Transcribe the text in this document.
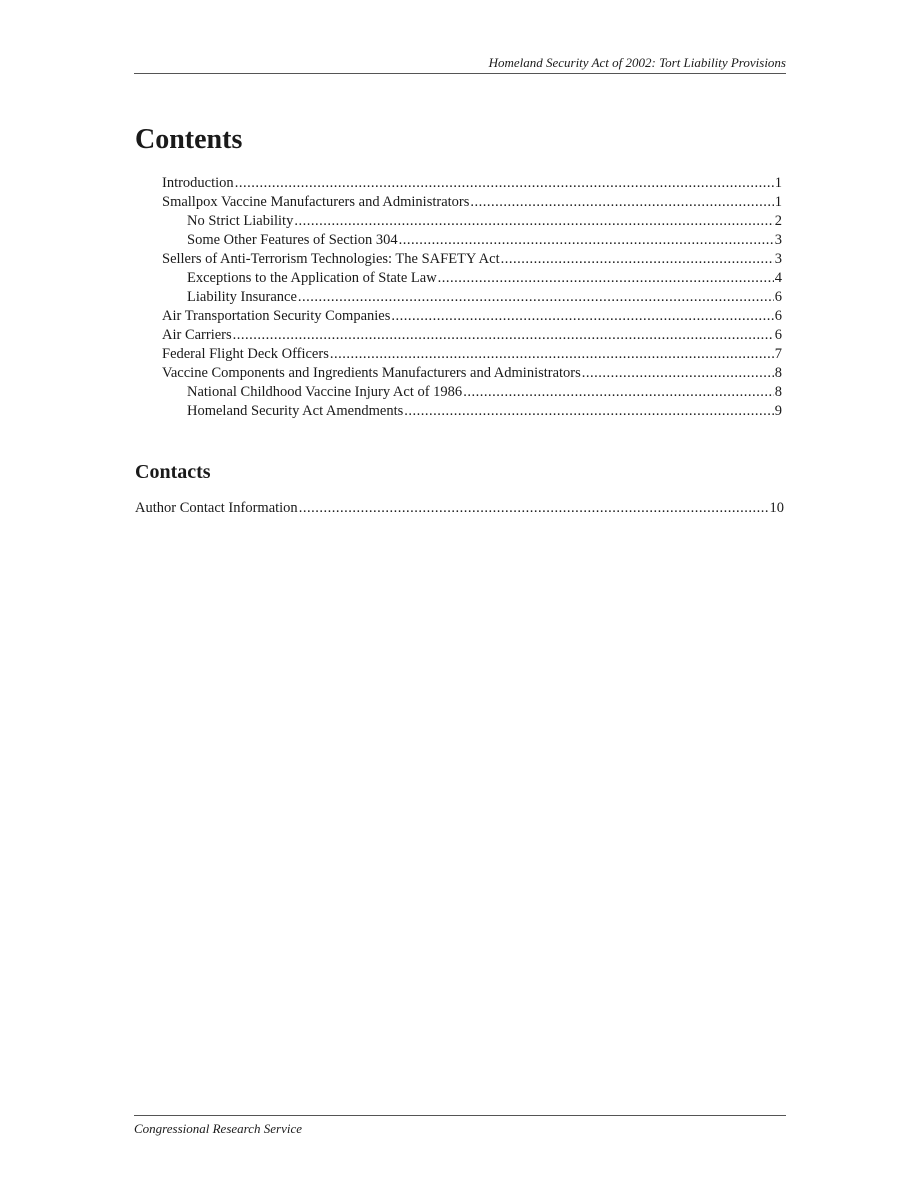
Homeland Security Act of 2002: Tort Liability Provisions
Contents
Introduction .....	1
Smallpox Vaccine Manufacturers and Administrators .....	1
No Strict Liability .....	2
Some Other Features of Section 304 .....	3
Sellers of Anti-Terrorism Technologies: The SAFETY Act .....	3
Exceptions to the Application of State Law .....	4
Liability Insurance .....	6
Air Transportation Security Companies .....	6
Air Carriers .....	6
Federal Flight Deck Officers .....	7
Vaccine Components and Ingredients Manufacturers and Administrators .....	8
National Childhood Vaccine Injury Act of 1986 .....	8
Homeland Security Act Amendments .....	9
Contacts
Author Contact Information .....	10
Congressional Research Service
